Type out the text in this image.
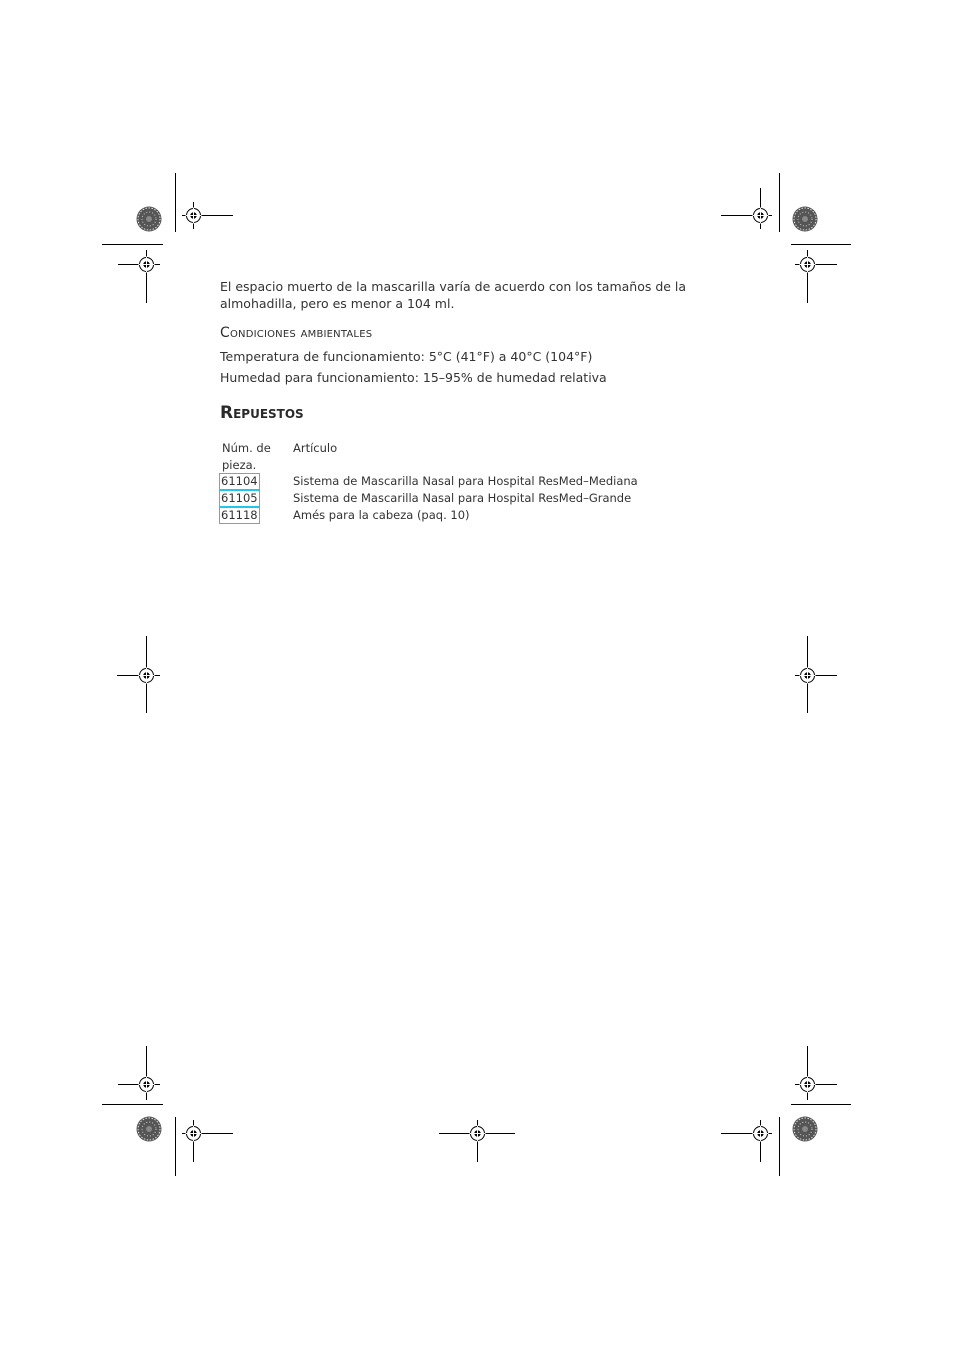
El espacio muerto de la mascarilla varía de acuerdo con los tamaños de la almohadilla, pero es menor a 104 ml.
Condiciones ambientales
Temperatura de funcionamiento: 5°C (41°F) a 40°C (104°F)
Humedad para funcionamiento: 15–95% de humedad relativa
Repuestos
Núm. de pieza.	Artículo
61104	Sistema de Mascarilla Nasal para Hospital ResMed–Mediana
61105	Sistema de Mascarilla Nasal para Hospital ResMed–Grande
61118	Amés para la cabeza (paq. 10)
